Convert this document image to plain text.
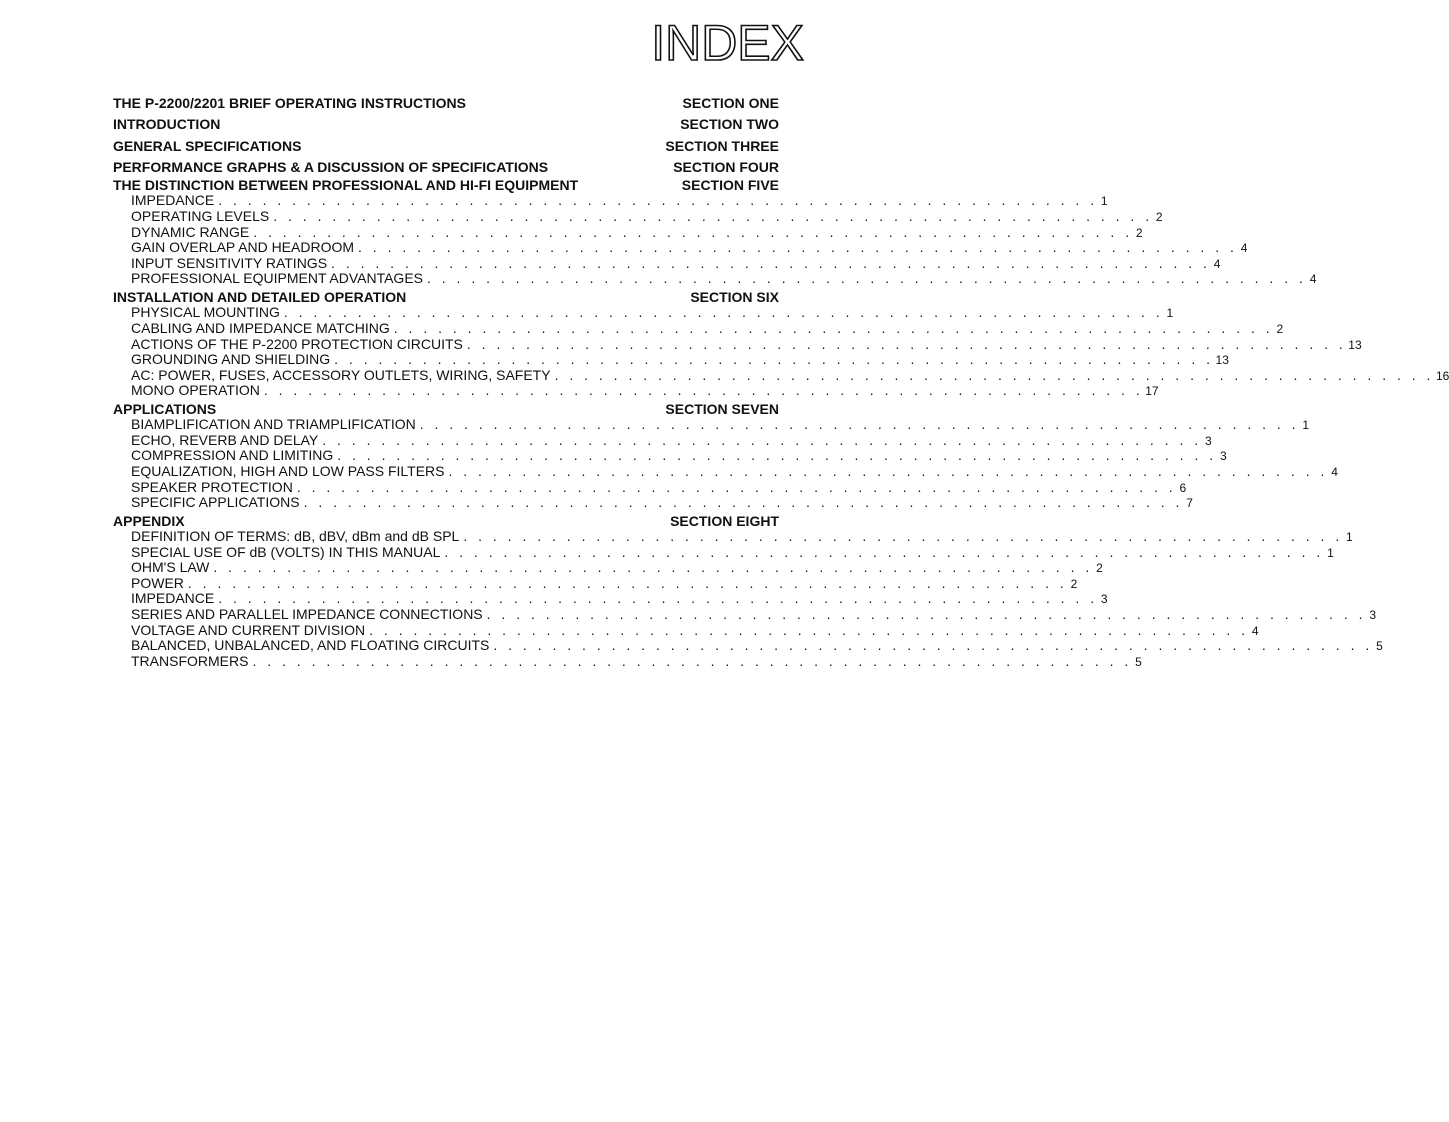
INDEX
THE P-2200/2201 BRIEF OPERATING INSTRUCTIONS	SECTION ONE
INTRODUCTION	SECTION TWO
GENERAL SPECIFICATIONS	SECTION THREE
PERFORMANCE GRAPHS & A DISCUSSION OF SPECIFICATIONS	SECTION FOUR
THE DISTINCTION BETWEEN PROFESSIONAL AND HI-FI EQUIPMENT	SECTION FIVE
IMPEDANCE . . . . . . . . . . . . . . . . . . . . . . . . . . . . . . . . . . . . . . . . . . . . . . . . . . . . . . . . . . . . 1
OPERATING LEVELS . . . . . . . . . . . . . . . . . . . . . . . . . . . . . . . . . . . . . . . . . . . . . . . . . . . . . . . . . . . . 2
DYNAMIC RANGE . . . . . . . . . . . . . . . . . . . . . . . . . . . . . . . . . . . . . . . . . . . . . . . . . . . . . . . . . . . . 2
GAIN OVERLAP AND HEADROOM . . . . . . . . . . . . . . . . . . . . . . . . . . . . . . . . . . . . . . . . . . . . . . . . . . . . . . . . . . . . 4
INPUT SENSITIVITY RATINGS . . . . . . . . . . . . . . . . . . . . . . . . . . . . . . . . . . . . . . . . . . . . . . . . . . . . . . . . . . . . 4
PROFESSIONAL EQUIPMENT ADVANTAGES . . . . . . . . . . . . . . . . . . . . . . . . . . . . . . . . . . . . . . . . . . . . . . . . . . . . . . . . . . . . 4
INSTALLATION AND DETAILED OPERATION	SECTION SIX
PHYSICAL MOUNTING . . . . . . . . . . . . . . . . . . . . . . . . . . . . . . . . . . . . . . . . . . . . . . . . . . . . . . . . . . . . 1
CABLING AND IMPEDANCE MATCHING . . . . . . . . . . . . . . . . . . . . . . . . . . . . . . . . . . . . . . . . . . . . . . . . . . . . . . . . . . . . 2
ACTIONS OF THE P-2200 PROTECTION CIRCUITS . . . . . . . . . . . . . . . . . . . . . . . . . . . . . . . . . . . . . . . . . . . . . . . . . . . . . . . . . . . . 13
GROUNDING AND SHIELDING . . . . . . . . . . . . . . . . . . . . . . . . . . . . . . . . . . . . . . . . . . . . . . . . . . . . . . . . . . . . 13
AC: POWER, FUSES, ACCESSORY OUTLETS, WIRING, SAFETY . . . . . . . . . . . . . . . . . . . . . . . . . . . . . . . . . . . . . . . . . . . . . . . . . . . . . . . . . . . . 16
MONO OPERATION . . . . . . . . . . . . . . . . . . . . . . . . . . . . . . . . . . . . . . . . . . . . . . . . . . . . . . . . . . . . 17
APPLICATIONS	SECTION SEVEN
BIAMPLIFICATION AND TRIAMPLIFICATION . . . . . . . . . . . . . . . . . . . . . . . . . . . . . . . . . . . . . . . . . . . . . . . . . . . . . . . . . . . . 1
ECHO, REVERB AND DELAY . . . . . . . . . . . . . . . . . . . . . . . . . . . . . . . . . . . . . . . . . . . . . . . . . . . . . . . . . . . . 3
COMPRESSION AND LIMITING . . . . . . . . . . . . . . . . . . . . . . . . . . . . . . . . . . . . . . . . . . . . . . . . . . . . . . . . . . . . 3
EQUALIZATION, HIGH AND LOW PASS FILTERS . . . . . . . . . . . . . . . . . . . . . . . . . . . . . . . . . . . . . . . . . . . . . . . . . . . . . . . . . . . . 4
SPEAKER PROTECTION . . . . . . . . . . . . . . . . . . . . . . . . . . . . . . . . . . . . . . . . . . . . . . . . . . . . . . . . . . . . 6
SPECIFIC APPLICATIONS . . . . . . . . . . . . . . . . . . . . . . . . . . . . . . . . . . . . . . . . . . . . . . . . . . . . . . . . . . . . 7
APPENDIX	SECTION EIGHT
DEFINITION OF TERMS: dB, dBV, dBm and dB SPL . . . . . . . . . . . . . . . . . . . . . . . . . . . . . . . . . . . . . . . . . . . . . . . . . . . . . . . . . . . . 1
SPECIAL USE OF dB (VOLTS) IN THIS MANUAL . . . . . . . . . . . . . . . . . . . . . . . . . . . . . . . . . . . . . . . . . . . . . . . . . . . . . . . . . . . . 1
OHM'S LAW . . . . . . . . . . . . . . . . . . . . . . . . . . . . . . . . . . . . . . . . . . . . . . . . . . . . . . . . . . . . 2
POWER . . . . . . . . . . . . . . . . . . . . . . . . . . . . . . . . . . . . . . . . . . . . . . . . . . . . . . . . . . . . 2
IMPEDANCE . . . . . . . . . . . . . . . . . . . . . . . . . . . . . . . . . . . . . . . . . . . . . . . . . . . . . . . . . . . . 3
SERIES AND PARALLEL IMPEDANCE CONNECTIONS . . . . . . . . . . . . . . . . . . . . . . . . . . . . . . . . . . . . . . . . . . . . . . . . . . . . . . . . . . . . 3
VOLTAGE AND CURRENT DIVISION . . . . . . . . . . . . . . . . . . . . . . . . . . . . . . . . . . . . . . . . . . . . . . . . . . . . . . . . . . . . 4
BALANCED, UNBALANCED, AND FLOATING CIRCUITS . . . . . . . . . . . . . . . . . . . . . . . . . . . . . . . . . . . . . . . . . . . . . . . . . . . . . . . . . . . . 5
TRANSFORMERS . . . . . . . . . . . . . . . . . . . . . . . . . . . . . . . . . . . . . . . . . . . . . . . . . . . . . . . . . . . . 5
